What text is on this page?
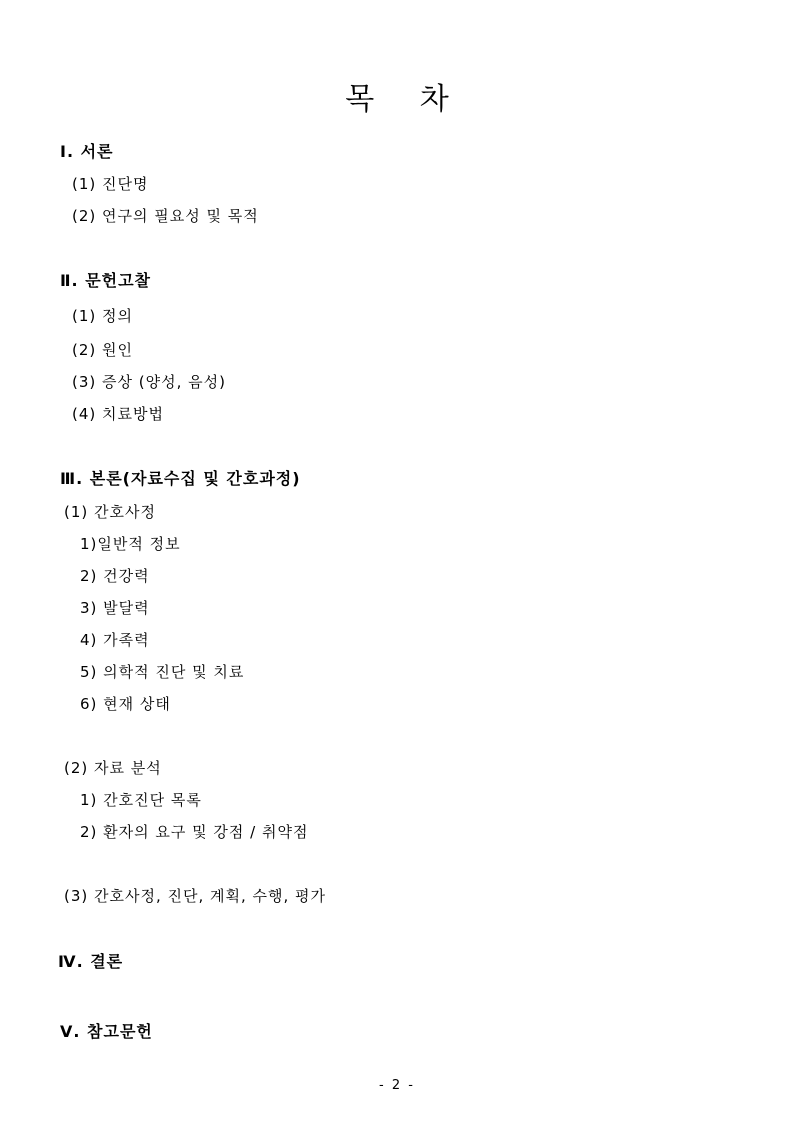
목 차
Ⅰ. 서론
(1) 진단명
(2) 연구의 필요성 및 목적
Ⅱ. 문헌고찰
(1) 정의
(2) 원인
(3) 증상 (양성, 음성)
(4) 치료방법
Ⅲ. 본론(자료수집 및 간호과정)
(1) 간호사정
1)일반적 정보
2) 건강력
3) 발달력
4) 가족력
5) 의학적 진단 및 치료
6) 현재 상태
(2) 자료 분석
1) 간호진단 목록
2) 환자의 요구 및 강점 / 취약점
(3) 간호사정, 진단, 계획, 수행, 평가
Ⅳ. 결론
Ⅴ. 참고문헌
- 2 -
